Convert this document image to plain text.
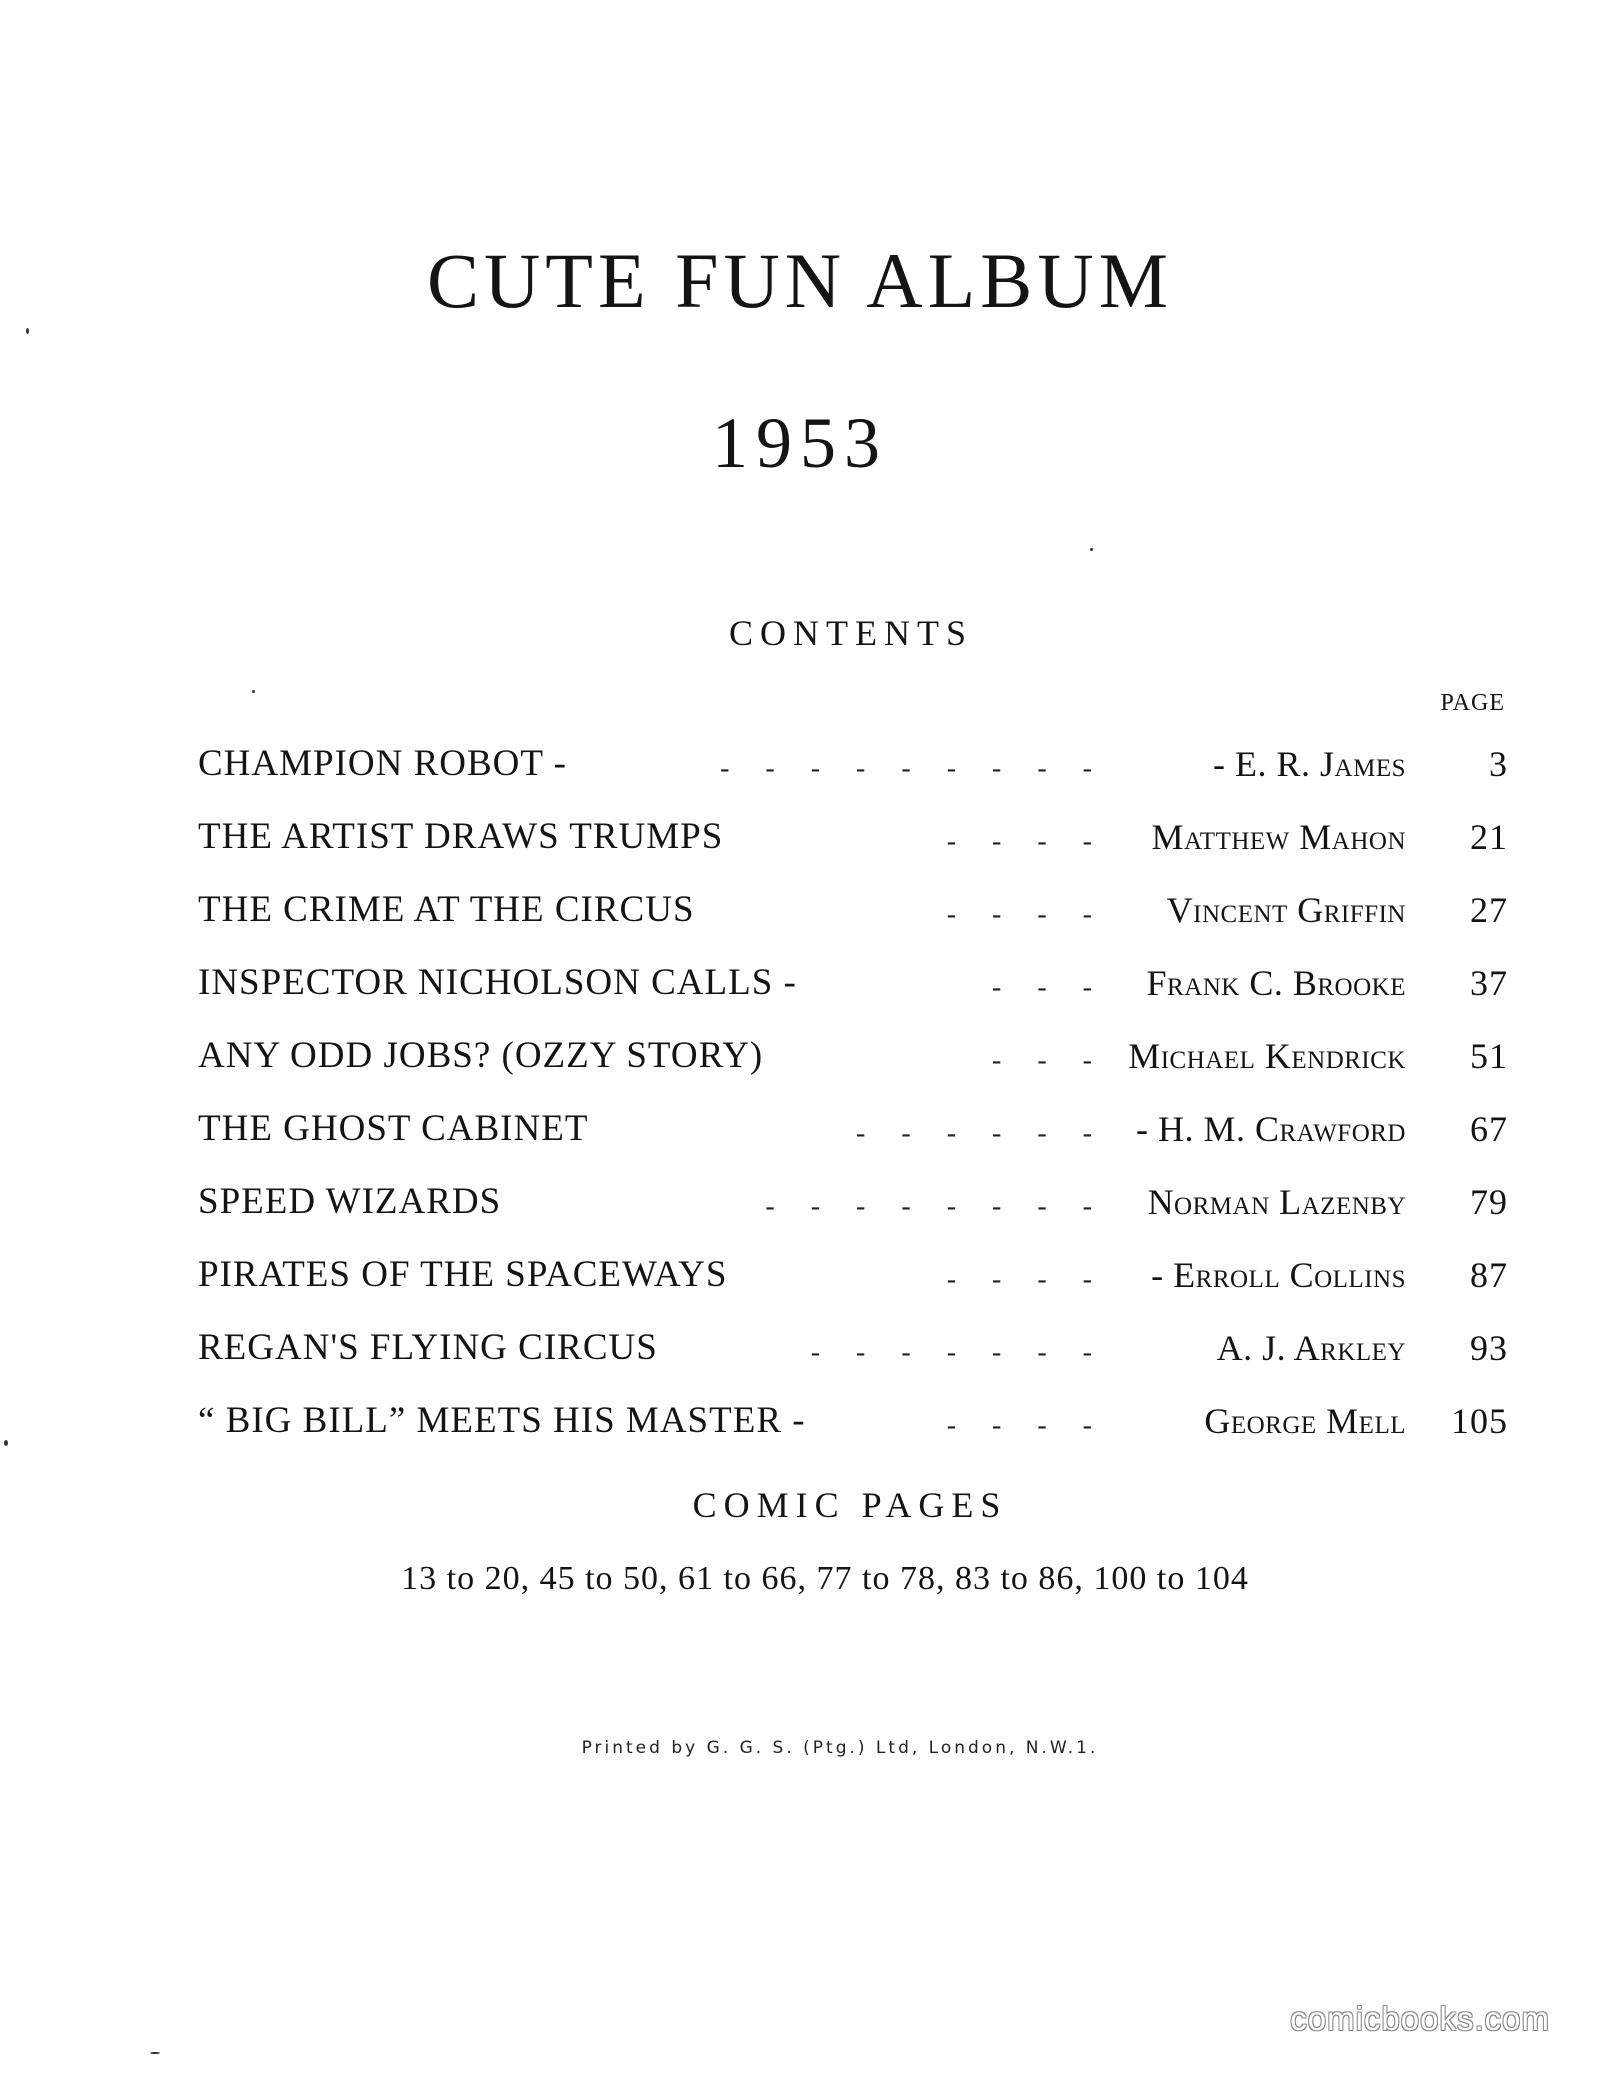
CUTE FUN ALBUM
1953
CONTENTS
PAGE
---------
CHAMPION ROBOT -	- E. R. James 3
----
THE ARTIST DRAWS TRUMPS	Matthew Mahon 21
----
THE CRIME AT THE CIRCUS	Vincent Griffin 27
---
INSPECTOR NICHOLSON CALLS -	Frank C. Brooke 37
---
ANY ODD JOBS? (OZZY STORY)	Michael Kendrick 51
------
THE GHOST CABINET	- H. M. Crawford 67
--------
SPEED WIZARDS	Norman Lazenby 79
----
PIRATES OF THE SPACEWAYS	- Erroll Collins 87
-------
REGAN'S FLYING CIRCUS	A. J. Arkley 93
----
“ BIG BILL” MEETS HIS MASTER -	George Mell 105
COMIC PAGES
13 to 20, 45 to 50, 61 to 66, 77 to 78, 83 to 86, 100 to 104
Printed by G. G. S. (Ptg.) Ltd, London, N.W.1.
comicbooks.com
